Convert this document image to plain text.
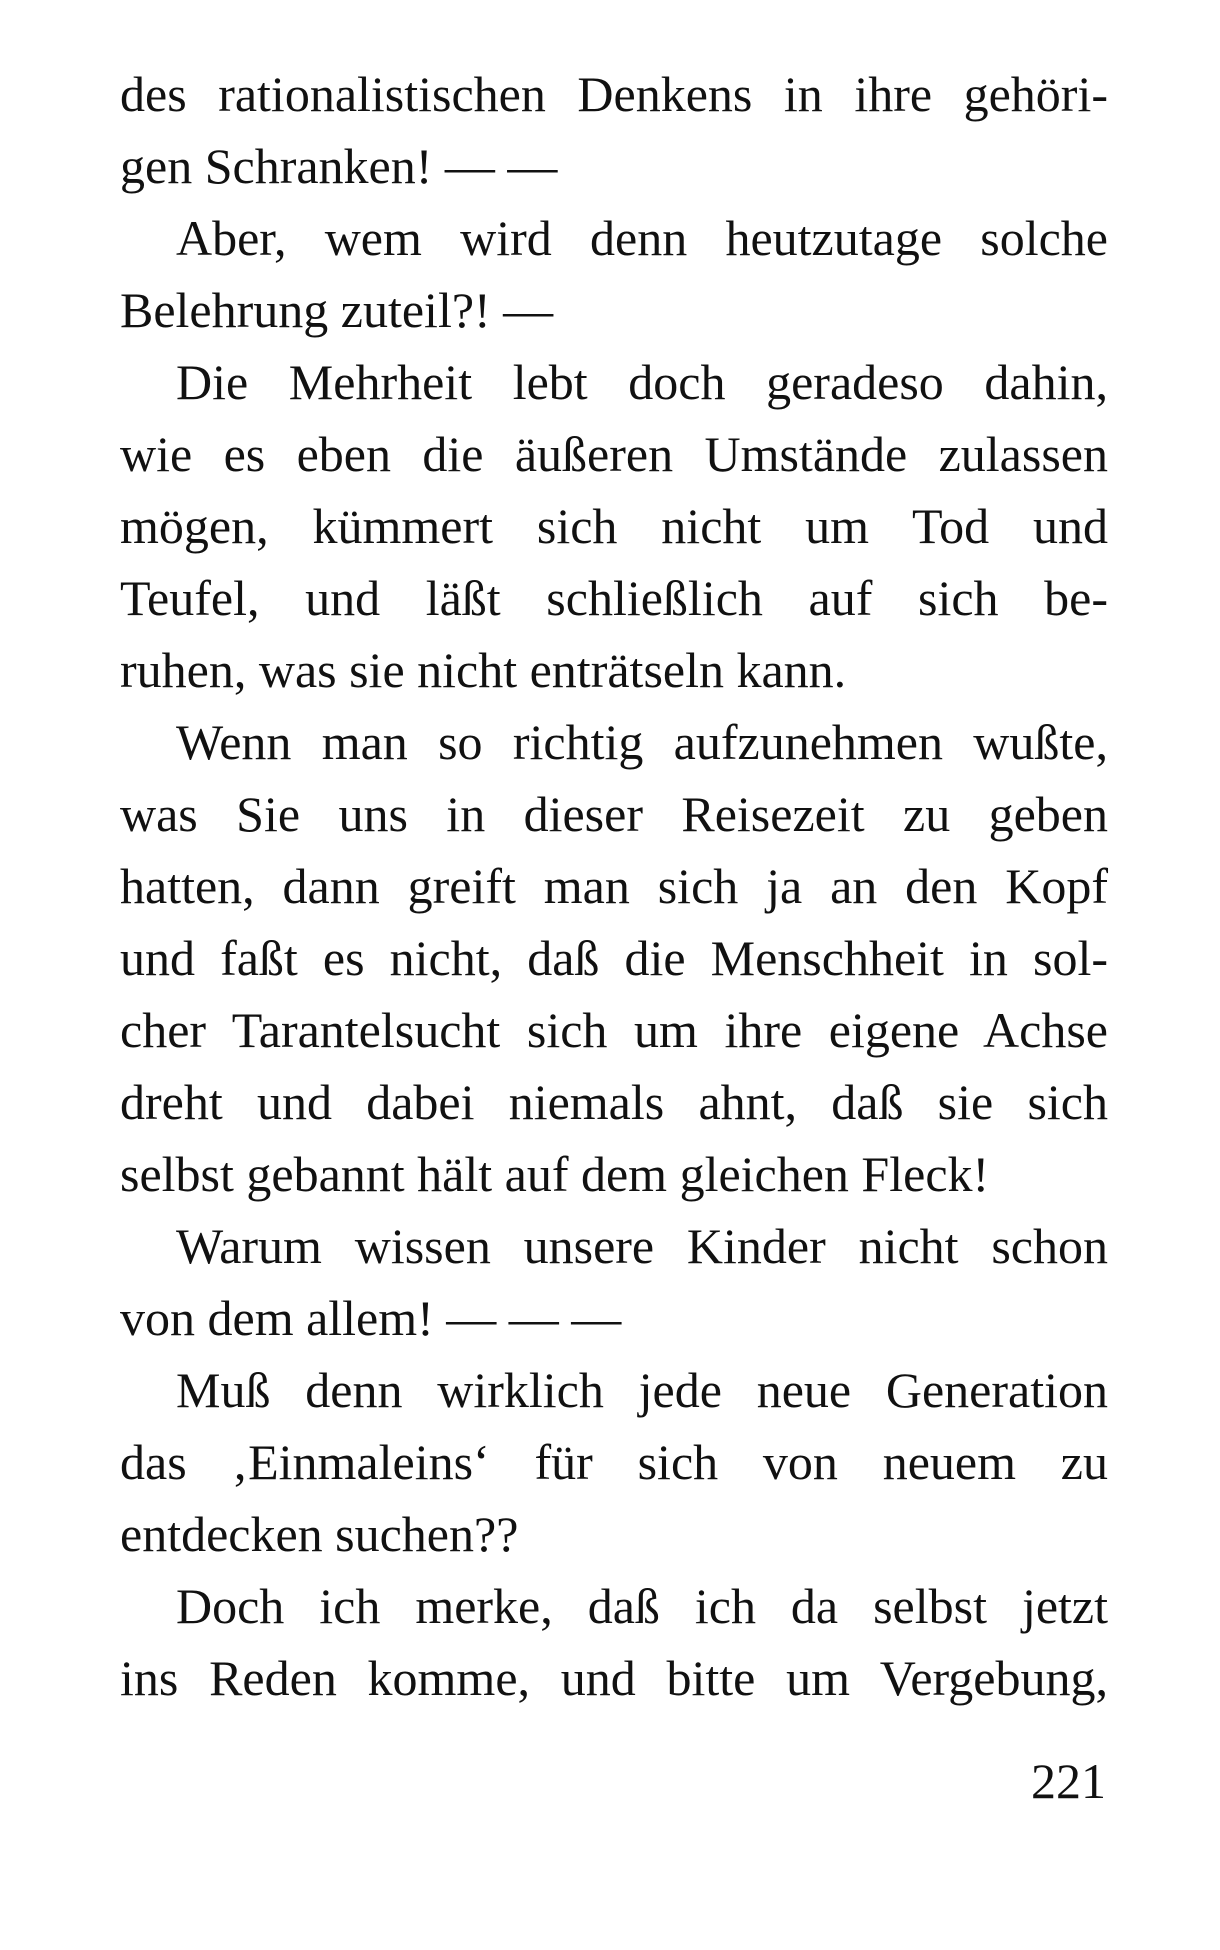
des rationalistischen Denkens in ihre gehöri-
gen Schranken! — —
Aber, wem wird denn heutzutage solche
Belehrung zuteil?! —
Die Mehrheit lebt doch geradeso dahin,
wie es eben die äußeren Umstände zulassen
mögen, kümmert sich nicht um Tod und
Teufel, und läßt schließlich auf sich be-
ruhen, was sie nicht enträtseln kann.
Wenn man so richtig aufzunehmen wußte,
was Sie uns in dieser Reisezeit zu geben
hatten, dann greift man sich ja an den Kopf
und faßt es nicht, daß die Menschheit in sol-
cher Tarantelsucht sich um ihre eigene Achse
dreht und dabei niemals ahnt, daß sie sich
selbst gebannt hält auf dem gleichen Fleck!
Warum wissen unsere Kinder nicht schon
von dem allem! — — —
Muß denn wirklich jede neue Generation
das ‚Einmaleins‘ für sich von neuem zu
entdecken suchen??
Doch ich merke, daß ich da selbst jetzt
ins Reden komme, und bitte um Vergebung,
221
